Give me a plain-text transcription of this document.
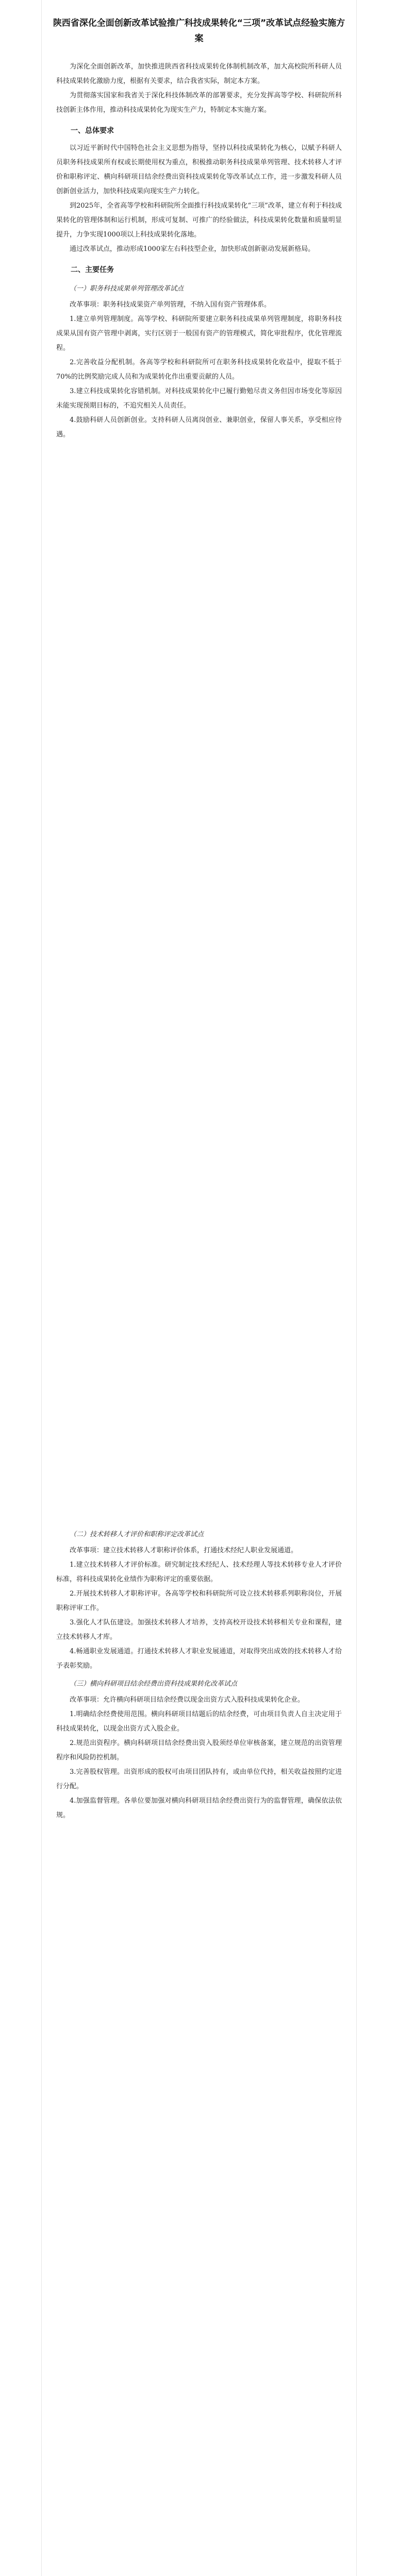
陕西省深化全面创新改革试验推广科技成果转化“三项”改革试点经验实施方案
为深化全面创新改革，加快推进陕西省科技成果转化体制机制改革，加大高校院所科研人员科技成果转化激励力度，根据有关要求，结合我省实际，制定本方案。
为贯彻落实国家和我省关于深化科技体制改革的部署要求，充分发挥高等学校、科研院所科技创新主体作用，推动科技成果转化为现实生产力，特制定本实施方案。
一、总体要求
以习近平新时代中国特色社会主义思想为指导，坚持以科技成果转化为核心，以赋予科研人员职务科技成果所有权或长期使用权为重点，积极推动职务科技成果单列管理、技术转移人才评价和职称评定、横向科研项目结余经费出资科技成果转化等改革试点工作，进一步激发科研人员创新创业活力，加快科技成果向现实生产力转化。
到2025年，全省高等学校和科研院所全面推行科技成果转化“三项”改革，建立有利于科技成果转化的管理体制和运行机制，形成可复制、可推广的经验做法，科技成果转化数量和质量明显提升，力争实现1000项以上科技成果转化落地。
通过改革试点，推动形成1000家左右科技型企业，加快形成创新驱动发展新格局。
二、主要任务
（一）职务科技成果单列管理改革试点
改革事项：职务科技成果资产单列管理，不纳入国有资产管理体系。
1.建立单列管理制度。高等学校、科研院所要建立职务科技成果单列管理制度，将职务科技成果从国有资产管理中剥离，实行区别于一般国有资产的管理模式，简化审批程序，优化管理流程。
2.完善收益分配机制。各高等学校和科研院所可在职务科技成果转化收益中，提取不低于70%的比例奖励完成人员和为成果转化作出重要贡献的人员。
3.建立科技成果转化容错机制。对科技成果转化中已履行勤勉尽责义务但因市场变化等原因未能实现预期目标的，不追究相关人员责任。
4.鼓励科研人员创新创业。支持科研人员离岗创业、兼职创业，保留人事关系，享受相应待遇。
（二）技术转移人才评价和职称评定改革试点
改革事项：建立技术转移人才职称评价体系，打通技术经纪人职业发展通道。
1.建立技术转移人才评价标准。研究制定技术经纪人、技术经理人等技术转移专业人才评价标准，将科技成果转化业绩作为职称评定的重要依据。
2.开展技术转移人才职称评审。各高等学校和科研院所可设立技术转移系列职称岗位，开展职称评审工作。
3.强化人才队伍建设。加强技术转移人才培养，支持高校开设技术转移相关专业和课程，建立技术转移人才库。
4.畅通职业发展通道。打通技术转移人才职业发展通道，对取得突出成效的技术转移人才给予表彰奖励。
（三）横向科研项目结余经费出资科技成果转化改革试点
改革事项：允许横向科研项目结余经费以现金出资方式入股科技成果转化企业。
1.明确结余经费使用范围。横向科研项目结题后的结余经费，可由项目负责人自主决定用于科技成果转化，以现金出资方式入股企业。
2.规范出资程序。横向科研项目结余经费出资入股须经单位审核备案，建立规范的出资管理程序和风险防控机制。
3.完善股权管理。出资形成的股权可由项目团队持有，或由单位代持，相关收益按照约定进行分配。
4.加强监督管理。各单位要加强对横向科研项目结余经费出资行为的监督管理，确保依法依规。
